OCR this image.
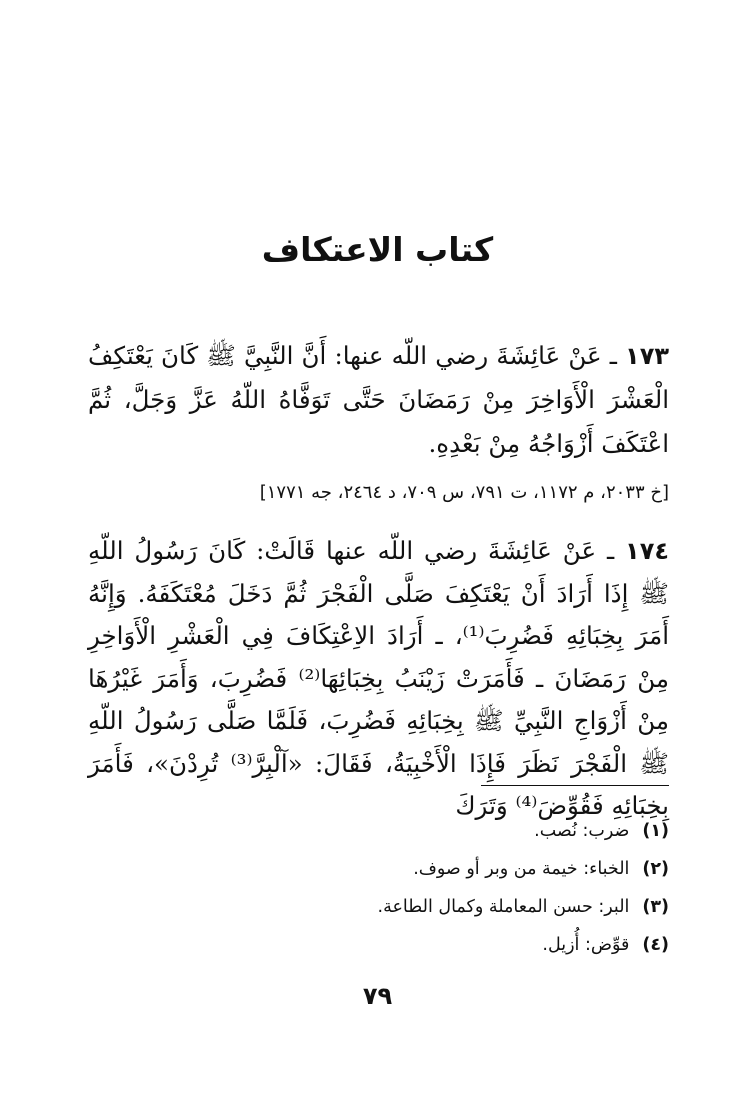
كتاب الاعتكاف

١٧٣ ـ عَنْ عَائِشَةَ رضي اللّه عنها: أَنَّ النَّبِيَّ ﷺ كَانَ يَعْتَكِفُ الْعَشْرَ الْأَوَاخِرَ مِنْ رَمَضَانَ حَتَّى تَوَفَّاهُ اللّهُ عَزَّ وَجَلَّ، ثُمَّ اعْتَكَفَ أَزْوَاجُهُ مِنْ بَعْدِهِ.

[خ ٢٠٣٣، م ١١٧٢، ت ٧٩١، س ٧٠٩، د ٢٤٦٤، جه ١٧٧١]

١٧٤ ـ عَنْ عَائِشَةَ رضي اللّه عنها قَالَتْ: كَانَ رَسُولُ اللّهِ ﷺ إِذَا أَرَادَ أَنْ يَعْتَكِفَ صَلَّى الْفَجْرَ ثُمَّ دَخَلَ مُعْتَكَفَهُ. وَإِنَّهُ أَمَرَ بِخِبَائِهِ فَضُرِبَ⁽¹⁾، ـ أَرَادَ الاِعْتِكَافَ فِي الْعَشْرِ الْأَوَاخِرِ مِنْ رَمَضَانَ ـ فَأَمَرَتْ زَيْنَبُ بِخِبَائِهَا⁽²⁾ فَضُرِبَ، وَأَمَرَ غَيْرُهَا مِنْ أَزْوَاجِ النَّبِيِّ ﷺ بِخِبَائِهِ فَضُرِبَ، فَلَمَّا صَلَّى رَسُولُ اللّهِ ﷺ الْفَجْرَ نَظَرَ فَإِذَا الْأَخْبِيَةُ، فَقَالَ: «آلْبِرَّ⁽³⁾ تُرِدْنَ»، فَأَمَرَ بِخِبَائِهِ فَقُوِّضَ⁽⁴⁾ وَتَرَكَ

(١) ضرب: نُصب.
(٢) الخباء: خيمة من وبر أو صوف.
(٣) البر: حسن المعاملة وكمال الطاعة.
(٤) قوِّض: أُزيل.

٧٩
